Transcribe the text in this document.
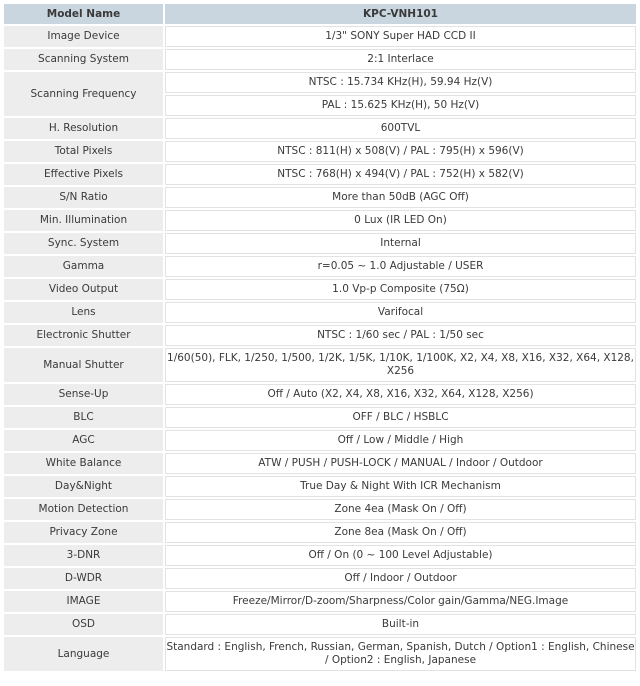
Model Name	KPC-VNH101
Image Device	1/3" SONY Super HAD CCD II
Scanning System	2:1 Interlace
Scanning Frequency	NTSC : 15.734 KHz(H), 59.94 Hz(V)
	PAL : 15.625 KHz(H), 50 Hz(V)
H. Resolution	600TVL
Total Pixels	NTSC : 811(H) x 508(V) / PAL : 795(H) x 596(V)
Effective Pixels	NTSC : 768(H) x 494(V) / PAL : 752(H) x 582(V)
S/N Ratio	More than 50dB (AGC Off)
Min. Illumination	0 Lux (IR LED On)
Sync. System	Internal
Gamma	r=0.05 ~ 1.0 Adjustable / USER
Video Output	1.0 Vp-p Composite (75Ω)
Lens	Varifocal
Electronic Shutter	NTSC : 1/60 sec / PAL : 1/50 sec
Manual Shutter	1/60(50), FLK, 1/250, 1/500, 1/2K, 1/5K, 1/10K, 1/100K, X2, X4, X8, X16, X32, X64, X128, X256
Sense-Up	Off / Auto (X2, X4, X8, X16, X32, X64, X128, X256)
BLC	OFF / BLC / HSBLC
AGC	Off / Low / Middle / High
White Balance	ATW / PUSH / PUSH-LOCK / MANUAL / Indoor / Outdoor
Day&Night	True Day & Night With ICR Mechanism
Motion Detection	Zone 4ea (Mask On / Off)
Privacy Zone	Zone 8ea (Mask On / Off)
3-DNR	Off / On (0 ~ 100 Level Adjustable)
D-WDR	Off / Indoor / Outdoor
IMAGE	Freeze/Mirror/D-zoom/Sharpness/Color gain/Gamma/NEG.Image
OSD	Built-in
Language	Standard : English, French, Russian, German, Spanish, Dutch / Option1 : English, Chinese / Option2 : English, Japanese
